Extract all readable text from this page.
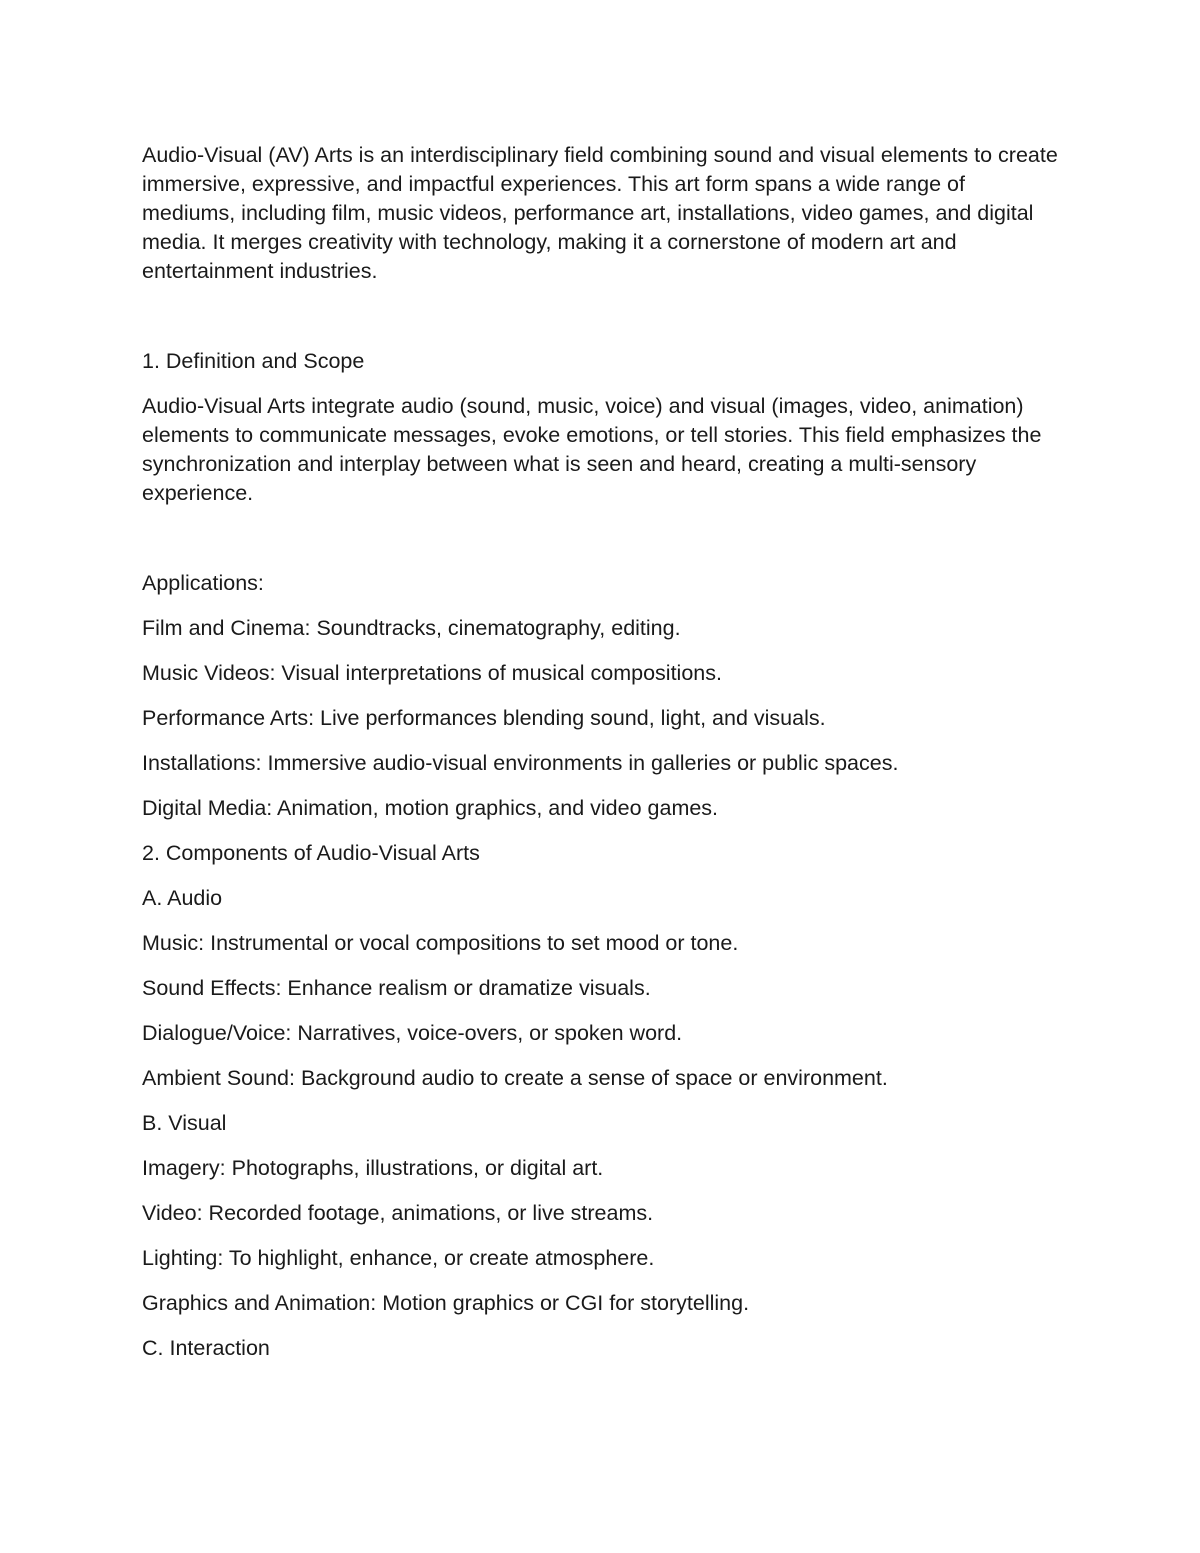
Audio-Visual (AV) Arts is an interdisciplinary field combining sound and visual elements to create immersive, expressive, and impactful experiences. This art form spans a wide range of mediums, including film, music videos, performance art, installations, video games, and digital media. It merges creativity with technology, making it a cornerstone of modern art and entertainment industries.

1. Definition and Scope

Audio-Visual Arts integrate audio (sound, music, voice) and visual (images, video, animation) elements to communicate messages, evoke emotions, or tell stories. This field emphasizes the synchronization and interplay between what is seen and heard, creating a multi-sensory experience.

Applications:

Film and Cinema: Soundtracks, cinematography, editing.

Music Videos: Visual interpretations of musical compositions.

Performance Arts: Live performances blending sound, light, and visuals.

Installations: Immersive audio-visual environments in galleries or public spaces.

Digital Media: Animation, motion graphics, and video games.

2. Components of Audio-Visual Arts

A. Audio

Music: Instrumental or vocal compositions to set mood or tone.

Sound Effects: Enhance realism or dramatize visuals.

Dialogue/Voice: Narratives, voice-overs, or spoken word.

Ambient Sound: Background audio to create a sense of space or environment.

B. Visual

Imagery: Photographs, illustrations, or digital art.

Video: Recorded footage, animations, or live streams.

Lighting: To highlight, enhance, or create atmosphere.

Graphics and Animation: Motion graphics or CGI for storytelling.

C. Interaction
